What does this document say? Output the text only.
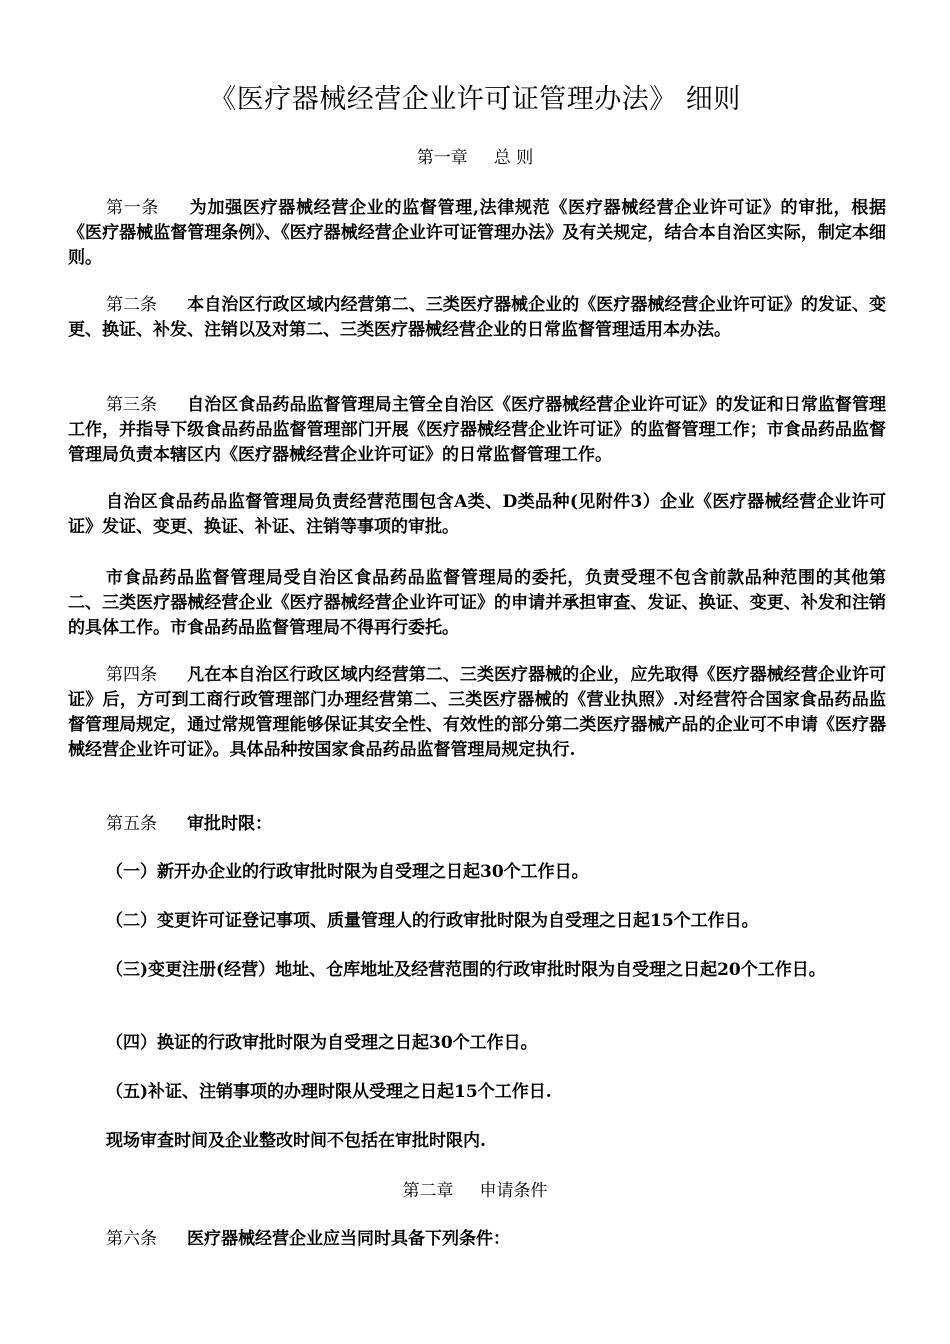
《医疗器械经营企业许可证管理办法》 细则
第一章 总 则
第一条 为加强医疗器械经营企业的监督管理,法律规范《医疗器械经营企业许可证》的审批，根据《医疗器械监督管理条例》、《医疗器械经营企业许可证管理办法》及有关规定，结合本自治区实际，制定本细则。
第二条 本自治区行政区域内经营第二、三类医疗器械企业的《医疗器械经营企业许可证》的发证、变更、换证、补发、注销以及对第二、三类医疗器械经营企业的日常监督管理适用本办法。
第三条 自治区食品药品监督管理局主管全自治区《医疗器械经营企业许可证》的发证和日常监督管理工作，并指导下级食品药品监督管理部门开展《医疗器械经营企业许可证》的监督管理工作；市食品药品监督管理局负责本辖区内《医疗器械经营企业许可证》的日常监督管理工作。
自治区食品药品监督管理局负责经营范围包含A类、D类品种(见附件3）企业《医疗器械经营企业许可证》发证、变更、换证、补证、注销等事项的审批。
市食品药品监督管理局受自治区食品药品监督管理局的委托，负责受理不包含前款品种范围的其他第二、三类医疗器械经营企业《医疗器械经营企业许可证》的申请并承担审查、发证、换证、变更、补发和注销的具体工作。市食品药品监督管理局不得再行委托。
第四条 凡在本自治区行政区域内经营第二、三类医疗器械的企业，应先取得《医疗器械经营企业许可证》后，方可到工商行政管理部门办理经营第二、三类医疗器械的《营业执照》.对经营符合国家食品药品监督管理局规定，通过常规管理能够保证其安全性、有效性的部分第二类医疗器械产品的企业可不申请《医疗器械经营企业许可证》。具体品种按国家食品药品监督管理局规定执行.
第五条 审批时限：
（一）新开办企业的行政审批时限为自受理之日起30个工作日。
（二）变更许可证登记事项、质量管理人的行政审批时限为自受理之日起15个工作日。
（三)变更注册(经营）地址、仓库地址及经营范围的行政审批时限为自受理之日起20个工作日。
（四）换证的行政审批时限为自受理之日起30个工作日。
（五)补证、注销事项的办理时限从受理之日起15个工作日.
现场审查时间及企业整改时间不包括在审批时限内.
第二章 申请条件
第六条 医疗器械经营企业应当同时具备下列条件：
